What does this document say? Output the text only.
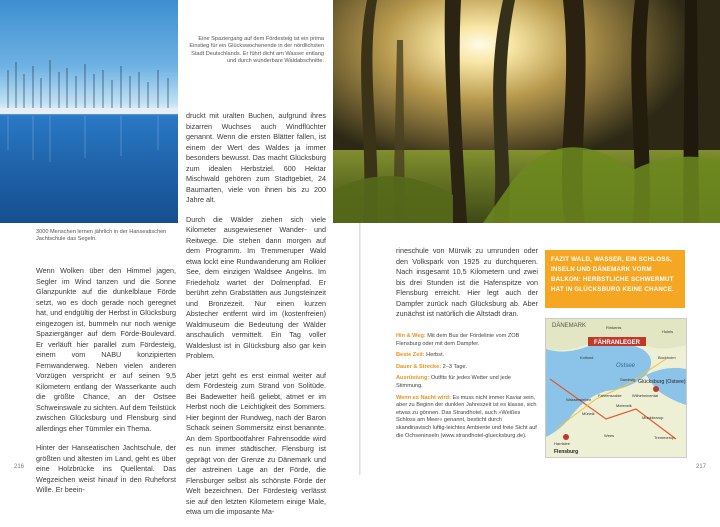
3000 Menschen lernen jährlich in der Hanseatischen Jachtschule das Segeln.
Eine Spaziergang auf dem Fördesteig ist ein prima Einstieg für ein Glückswochenende in der nördlichsten Stadt Deutschlands. Er führt dicht am Wasser entlang und durch wunderbare Waldabschnitte.

Wenn Wolken über den Himmel jagen, Segler im Wind tanzen und die Sonne Glanzpunkte auf die dunkelblaue Förde setzt, wo es doch gerade noch geregnet hat, und endgültig der Herbst in Glücksburg eingezogen ist, bummeln nur noch wenige Spaziergänger auf dem Förde-Boulevard. Er verläuft hier parallel zum Fördesteig, einem vom NABU konzipierten Fernwanderweg. Neben vielen anderen Vorzügen verspricht er auf seinen 9,5 Kilometern entlang der Wasserkante auch die größte Chance, an der Ostsee Schweinswale zu sichten. Auf dem Teilstück zwischen Glücksburg und Flensburg sind allerdings eher Tümmler ein Thema.

Hinter der Hanseatischen Jachtschule, der größten und ältesten im Land, geht es über eine Holzbrücke ins Quellental. Das Wegzeichen weist hinauf in den Ruheforst Wille. Er beein-

druckt mit uralten Buchen, aufgrund ihres bizarren Wuchses auch Windflüchter genannt. Wenn die ersten Blätter fallen, ist einem der Wert des Waldes ja immer besonders bewusst. Das macht Glücksburg zum idealen Herbstziel. 600 Hektar Mischwald gehören zum Stadtgebiet, 24 Baumarten, viele von ihnen bis zu 200 Jahre alt.

Durch die Wälder ziehen sich viele Kilometer ausgewiesener Wander- und Reitwege. Die stehen dann morgen auf dem Programm. Im Tremmeruper Wald etwa lockt eine Rundwanderung am Rolkier See, dem einzigen Waldsee Angelns. Im Friedeholz wartet der Dolmenpfad. Er berührt zehn Grabstätten aus Jungsteinzeit und Bronzezeit. Nur einen kurzen Abstecher entfernt wird im (kostenfreien) Waldmuseum die Bedeutung der Wälder anschaulich vermittelt. Ein Tag voller Waldeslust ist in Glücksburg also gar kein Problem.

Aber jetzt geht es erst einmal weiter auf dem Fördesteig zum Strand von Solitüde. Bei Badewetter heiß geliebt, atmet er im Herbst noch die Leichtigkeit des Sommers. Hier beginnt der Rundweg, nach der Baron Schack seinen Sommersitz einst benannte. An dem Sportbootfahrer Fahrensodde wird es nun immer städtischer. Flensburg ist geprägt von der Grenze zu Dänemark und der astreinen Lage an der Förde, die Flensburger selbst als schönste Förde der Welt bezeichnen. Der Fördesteig verlässt sie auf den letzten Kilometern einige Male, etwa um die imposante Ma-

216

rineschule von Mürwik zu umrunden oder den Volkspark von 1925 zu durchqueren. Nach insgesamt 10,5 Kilometern und zwei bis drei Stunden ist die Hafenspitze von Flensburg erreicht. Hier legt auch der Dampfer zurück nach Glücksburg ab. Aber zunächst ist natürlich die Altstadt dran.

FAZIT WALD, WASSER, EIN SCHLOSS, INSELN UND DÄNEMARK VORM BALKON: HERBSTLICHE SCHWERMUT HAT IN GLÜCKSBURG KEINE CHANCE.

Hin & Weg: Mit dem Bus der Fördelinie vom ZOB Flensburg oder mit dem Dampfer.

Beste Zeit: Herbst.

Dauer & Strecke: 2–3 Tage.

Ausrüstung: Outfits für jedes Wetter und jede Stimmung.

Wenn es Nacht wird: Es muss nicht immer Kaviar sein, aber zu Beginn der dunklen Jahreszeit ist es klasse, sich etwas zu gönnen. Das Strandhotel, auch »Weißes Schloss am Meer« genannt, besticht durch skandinavisch luftig-leichtes Ambiente und freie Sicht auf die Ochseninseln (www.strandhotel-gluecksburg.de).

FÄHRANLEGER
DÄNEMARK
Ostsee
Glücksburg (Ostsee)
Wassersleben
Harrislee
Flensburg
Wees
Munkbrarup
Meierwik
Sandwig
Bockholm
Holnis
Kollund
Rinkenis
Tremmerup
Mürwik
Fahrensodde	Wilhelminental
217
